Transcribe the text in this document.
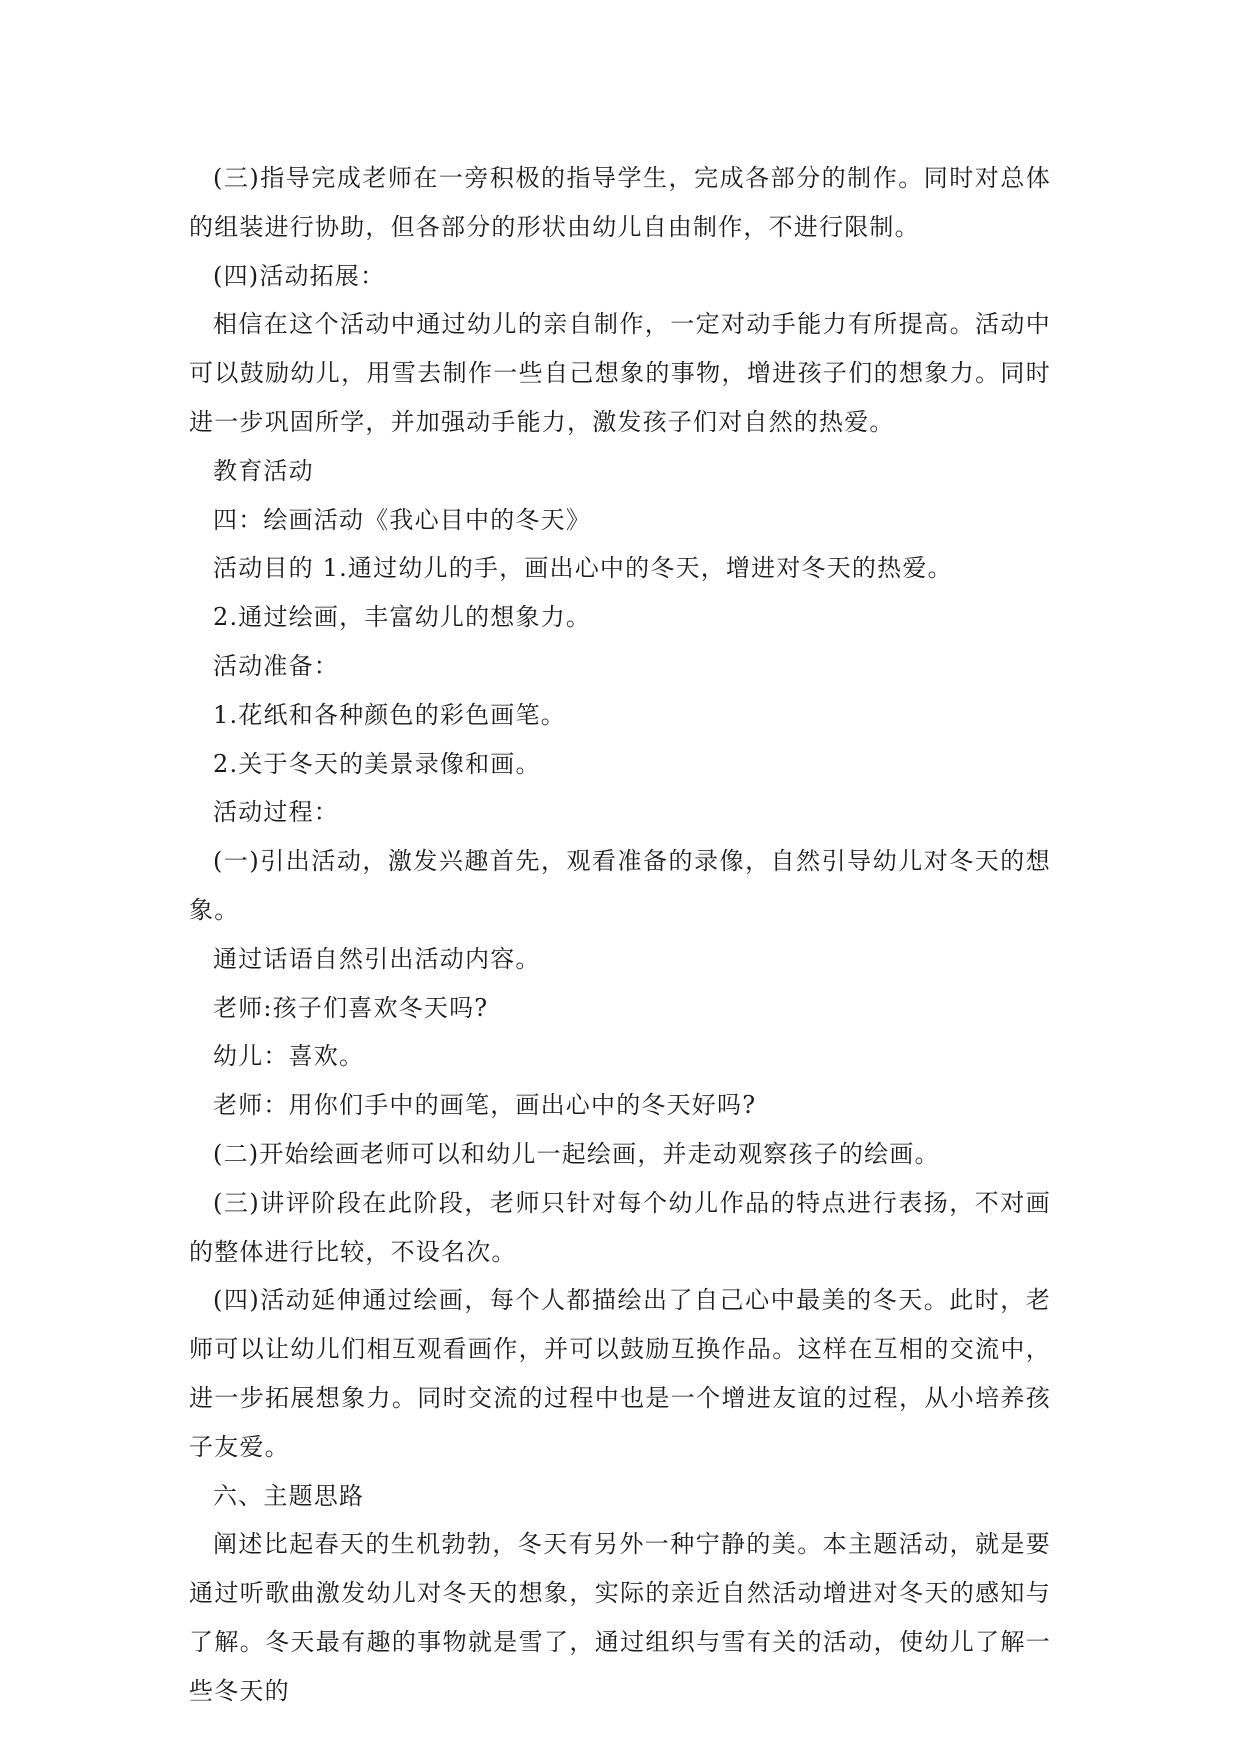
(三)指导完成老师在一旁积极的指导学生，完成各部分的制作。同时对总体的组装进行协助，但各部分的形状由幼儿自由制作，不进行限制。

(四)活动拓展：

相信在这个活动中通过幼儿的亲自制作，一定对动手能力有所提高。活动中可以鼓励幼儿，用雪去制作一些自己想象的事物，增进孩子们的想象力。同时进一步巩固所学，并加强动手能力，激发孩子们对自然的热爱。

教育活动

四：绘画活动《我心目中的冬天》

活动目的 1.通过幼儿的手，画出心中的冬天，增进对冬天的热爱。

2.通过绘画，丰富幼儿的想象力。

活动准备：

1.花纸和各种颜色的彩色画笔。

2.关于冬天的美景录像和画。

活动过程：

(一)引出活动，激发兴趣首先，观看准备的录像，自然引导幼儿对冬天的想象。

通过话语自然引出活动内容。

老师:孩子们喜欢冬天吗?

幼儿：喜欢。

老师：用你们手中的画笔，画出心中的冬天好吗?

(二)开始绘画老师可以和幼儿一起绘画，并走动观察孩子的绘画。

(三)讲评阶段在此阶段，老师只针对每个幼儿作品的特点进行表扬，不对画的整体进行比较，不设名次。

(四)活动延伸通过绘画，每个人都描绘出了自己心中最美的冬天。此时，老师可以让幼儿们相互观看画作，并可以鼓励互换作品。这样在互相的交流中，进一步拓展想象力。同时交流的过程中也是一个增进友谊的过程，从小培养孩子友爱。

六、主题思路

阐述比起春天的生机勃勃，冬天有另外一种宁静的美。本主题活动，就是要通过听歌曲激发幼儿对冬天的想象，实际的亲近自然活动增进对冬天的感知与了解。冬天最有趣的事物就是雪了，通过组织与雪有关的活动，使幼儿了解一些冬天的
